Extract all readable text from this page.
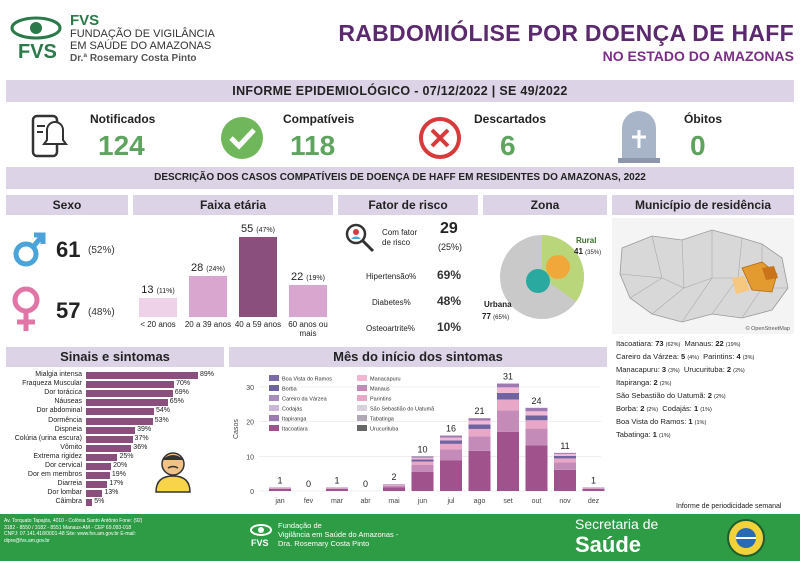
FVS
FVS
FUNDAÇÃO DE VIGILÂNCIA
EM SAÚDE DO AMAZONAS
Dr.ª Rosemary Costa Pinto
RABDOMIÓLISE POR DOENÇA DE HAFF
NO ESTADO DO AMAZONAS
INFORME EPIDEMIOLÓGICO - 07/12/2022 | SE 49/2022
Notificados
124
Compatíveis
118
Descartados
6
Óbitos
0
DESCRIÇÃO DOS CASOS COMPATÍVEIS DE DOENÇA DE HAFF EM RESIDENTES DO AMAZONAS, 2022
Sexo
61 (52%)
57 (48%)
Faixa etária
13 (11%)
< 20 anos
28 (24%)
20 a 39 anos
55 (47%)
40 a 59 anos
22 (19%)
60 anos ou mais
Fator de risco
Com fator de risco
29
(25%)
Hipertensão% 69%
Diabetes% 48%
Osteoartrite% 10%
Zona
Rural
41 (35%)
Urbana
77 (65%)
Município de residência
© OpenStreetMap
Itacoatiara: 73 (62%)  Manaus: 22 (19%)
Careiro da Várzea: 5 (4%)  Parintins: 4 (3%)
Manacapuru: 3 (3%)  Urucurituba: 2 (2%)
Itapiranga: 2 (2%)
São Sebastião do Uatumã: 2 (2%)
Borba: 2 (2%)  Codajás: 1 (1%)
Boa Vista do Ramos: 1 (1%)
Tabatinga: 1 (1%)
Informe de periodicidade semanal
Sinais e sintomas
Mialgia intensa	89%
Fraqueza Muscular	70%
Dor torácica	69%
Náuseas	65%
Dor abdominal	54%
Dormência	53%
Dispneia	39%
Colúria (urina escura)	37%
Vômito	36%
Extrema rigidez	25%
Dor cervical	20%
Dor em membros	19%
Diarreia	17%
Dor lombar	13%
Câimbra 5%
Mês do início dos sintomas
0
10
20
30
Casos
1
jan
0
fev
1
mar
0
abr
2
mai
10
jun
16
jul
21
ago
31
set
24
out
11
nov
1
dez
Boa Vista do Ramos	Manacapuru
Borba	Manaus
Careiro da Várzea	Parintins
Codajás	São Sebastião do Uatumã
Itapiranga	Tabatinga
Itacoatiara	Urucurituba
Av. Torquato Tapajós, 4010 - Colônia Santo Antônio Fone: (92) 3182 - 8550 / 3182 - 8551 Manaus-AM - CEP 69.093-018 CNPJ: 07.141.418/0001-48 Site: www.fvs.am.gov.br E-mail: dipre@fvs.am.gov.br	FVS
Fundação de
Vigilância em Saúde do Amazonas -
Dra. Rosemary Costa Pinto
Secretaria de
Saúde
